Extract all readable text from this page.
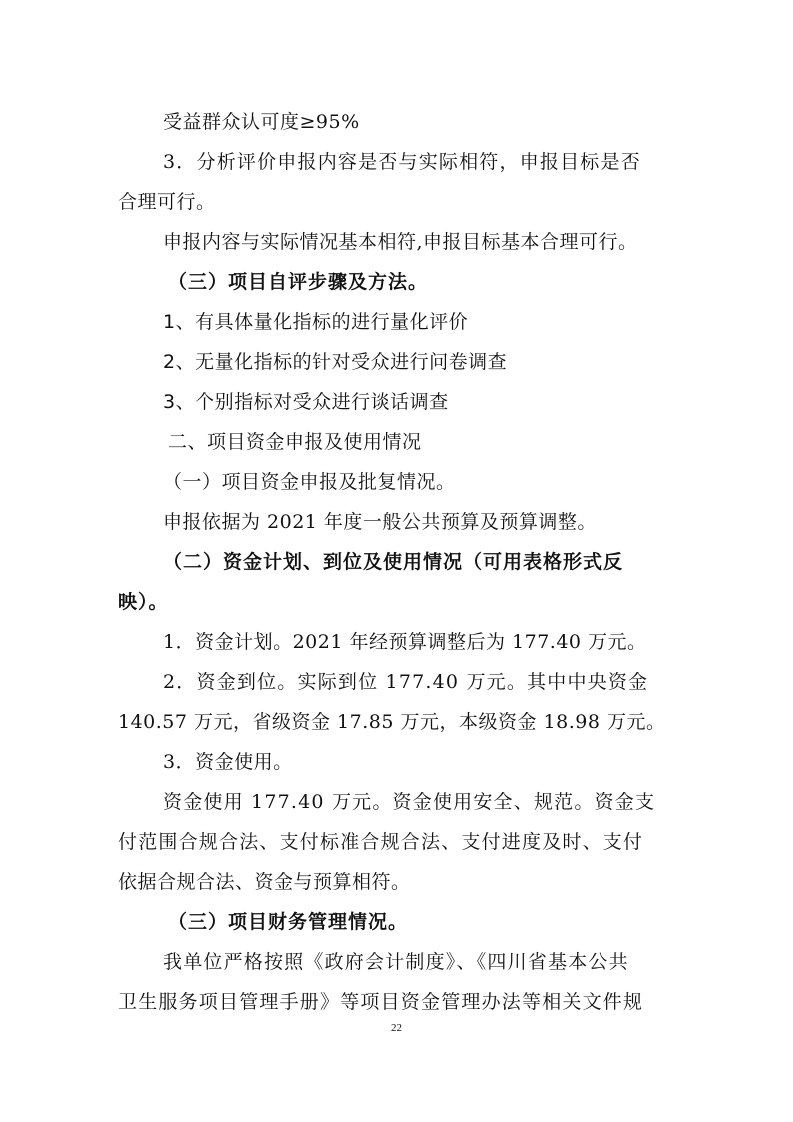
受益群众认可度≥95%
3．分析评价申报内容是否与实际相符，申报目标是否
合理可行。
申报内容与实际情况基本相符,申报目标基本合理可行。
（三）项目自评步骤及方法。
1、有具体量化指标的进行量化评价
2、无量化指标的针对受众进行问卷调查
3、个别指标对受众进行谈话调查
二、项目资金申报及使用情况
（一）项目资金申报及批复情况。
申报依据为 2021 年度一般公共预算及预算调整。
（二）资金计划、到位及使用情况（可用表格形式反
映）。
1．资金计划。2021 年经预算调整后为 177.40 万元。
2．资金到位。实际到位 177.40 万元。其中中央资金
140.57 万元，省级资金 17.85 万元，本级资金 18.98 万元。
3．资金使用。
资金使用 177.40 万元。资金使用安全、规范。资金支
付范围合规合法、支付标准合规合法、支付进度及时、支付
依据合规合法、资金与预算相符。
（三）项目财务管理情况。
我单位严格按照《政府会计制度》、《四川省基本公共
卫生服务项目管理手册》等项目资金管理办法等相关文件规
22
